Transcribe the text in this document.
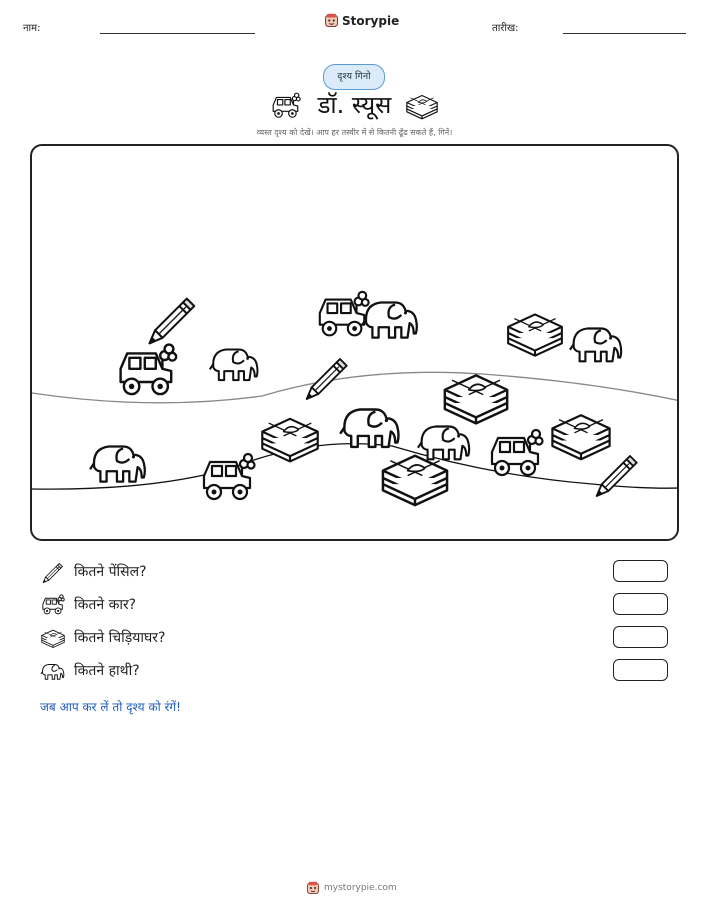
नाम:
Storypie
तारीख:
दृश्य गिनो
डॉ. स्यूस
व्यस्त दृश्य को देखें। आप हर तस्वीर में से कितनी ढूँढ सकते हैं, गिनें।
कितने पेंसिल?
कितने कार?
कितने चिड़ियाघर?
कितने हाथी?
जब आप कर लें तो दृश्य को रंगें!
mystorypie.com
